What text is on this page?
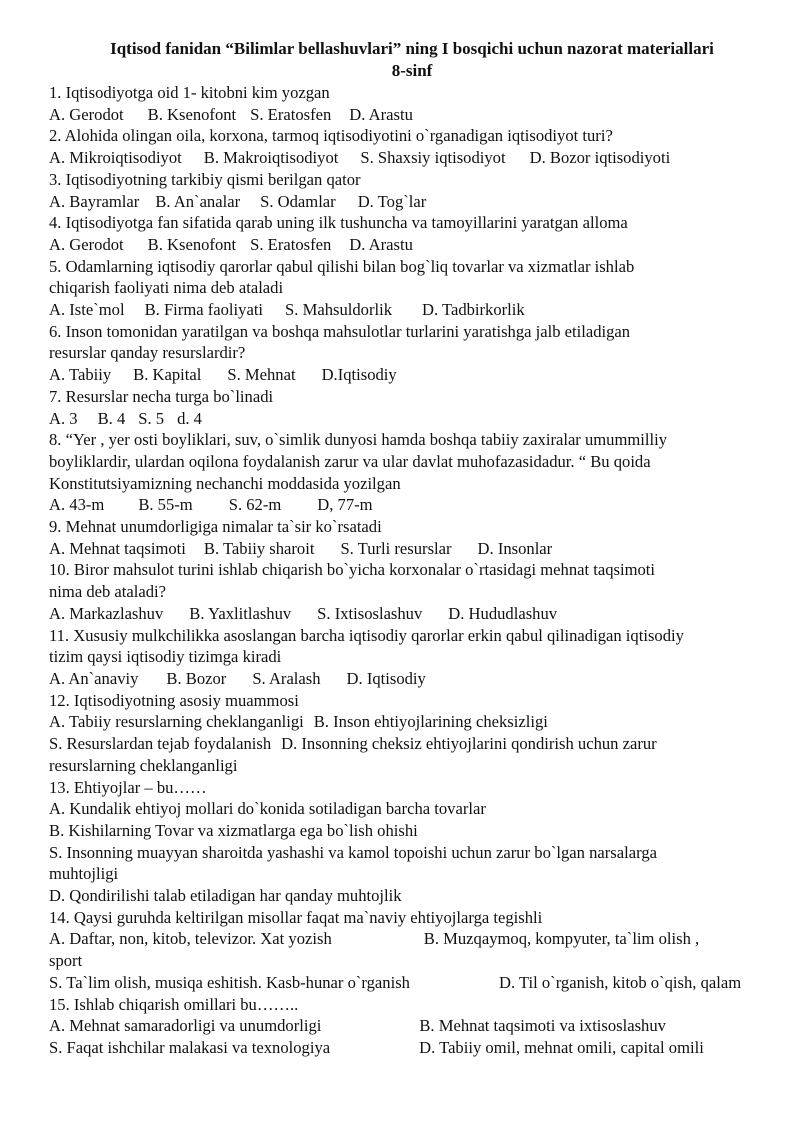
Iqtisod fanidan “Bilimlar bellashuvlari” ning I bosqichi uchun nazorat materiallari
8-sinf
1. Iqtisodiyotga oid 1- kitobni kim yozgan
A. Gerodot B. Ksenofont S. Eratosfen D. Arastu
2. Alohida olingan oila, korxona, tarmoq iqtisodiyotini o`rganadigan iqtisodiyot turi?
A. Mikroiqtisodiyot B. Makroiqtisodiyot S. Shaxsiy iqtisodiyot D. Bozor iqtisodiyoti
3. Iqtisodiyotning tarkibiy qismi berilgan qator
A. Bayramlar B. An`analar S. Odamlar D. Tog`lar
4. Iqtisodiyotga fan sifatida qarab uning ilk tushuncha va tamoyillarini yaratgan alloma
A. Gerodot B. Ksenofont S. Eratosfen D. Arastu
5. Odamlarning iqtisodiy qarorlar qabul qilishi bilan bog`liq tovarlar va xizmatlar ishlab
chiqarish faoliyati nima deb ataladi
A. Iste`mol B. Firma faoliyati S. Mahsuldorlik D. Tadbirkorlik
6. Inson tomonidan yaratilgan va boshqa mahsulotlar turlarini yaratishga jalb etiladigan
resurslar qanday resurslardir?
A. Tabiiy B. Kapital S. Mehnat D.Iqtisodiy
7. Resurslar necha turga bo`linadi
A. 3 B. 4 S. 5 d. 4
8. “Yer , yer osti boyliklari, suv, o`simlik dunyosi hamda boshqa tabiiy zaxiralar umummilliy
boyliklardir, ulardan oqilona foydalanish zarur va ular davlat muhofazasidadur. “ Bu qoida
Konstitutsiyamizning nechanchi moddasida yozilgan
A. 43-m B. 55-m S. 62-m D, 77-m
9. Mehnat unumdorligiga nimalar ta`sir ko`rsatadi
A. Mehnat taqsimoti B. Tabiiy sharoit S. Turli resurslar D. Insonlar
10. Biror mahsulot turini ishlab chiqarish bo`yicha korxonalar o`rtasidagi mehnat taqsimoti
nima deb ataladi?
A. Markazlashuv B. Yaxlitlashuv S. Ixtisoslashuv D. Hududlashuv
11. Xususiy mulkchilikka asoslangan barcha iqtisodiy qarorlar erkin qabul qilinadigan iqtisodiy
tizim qaysi iqtisodiy tizimga kiradi
A. An`anaviy B. Bozor S. Aralash D. Iqtisodiy
12. Iqtisodiyotning asosiy muammosi
A. Tabiiy resurslarning cheklanganligi B. Inson ehtiyojlarining cheksizligi
S. Resurslardan tejab foydalanish D. Insonning cheksiz ehtiyojlarini qondirish uchun zarur
resurslarning cheklanganligi
13. Ehtiyojlar – bu……
A. Kundalik ehtiyoj mollari do`konida sotiladigan barcha tovarlar
B. Kishilarning Tovar va xizmatlarga ega bo`lish ohishi
S. Insonning muayyan sharoitda yashashi va kamol topoishi uchun zarur bo`lgan narsalarga
muhtojligi
D. Qondirilishi talab etiladigan har qanday muhtojlik
14. Qaysi guruhda keltirilgan misollar faqat ma`naviy ehtiyojlarga tegishli
A. Daftar, non, kitob, televizor. Xat yozish	B. Muzqaymoq, kompyuter, ta`lim olish ,
sport
S. Ta`lim olish, musiqa eshitish. Kasb-hunar o`rganish	D. Til o`rganish, kitob o`qish, qalam
15. Ishlab chiqarish omillari bu……..
A. Mehnat samaradorligi va unumdorligi	B. Mehnat taqsimoti va ixtisoslashuv
S. Faqat ishchilar malakasi va texnologiya	D. Tabiiy omil, mehnat omili, capital omili
